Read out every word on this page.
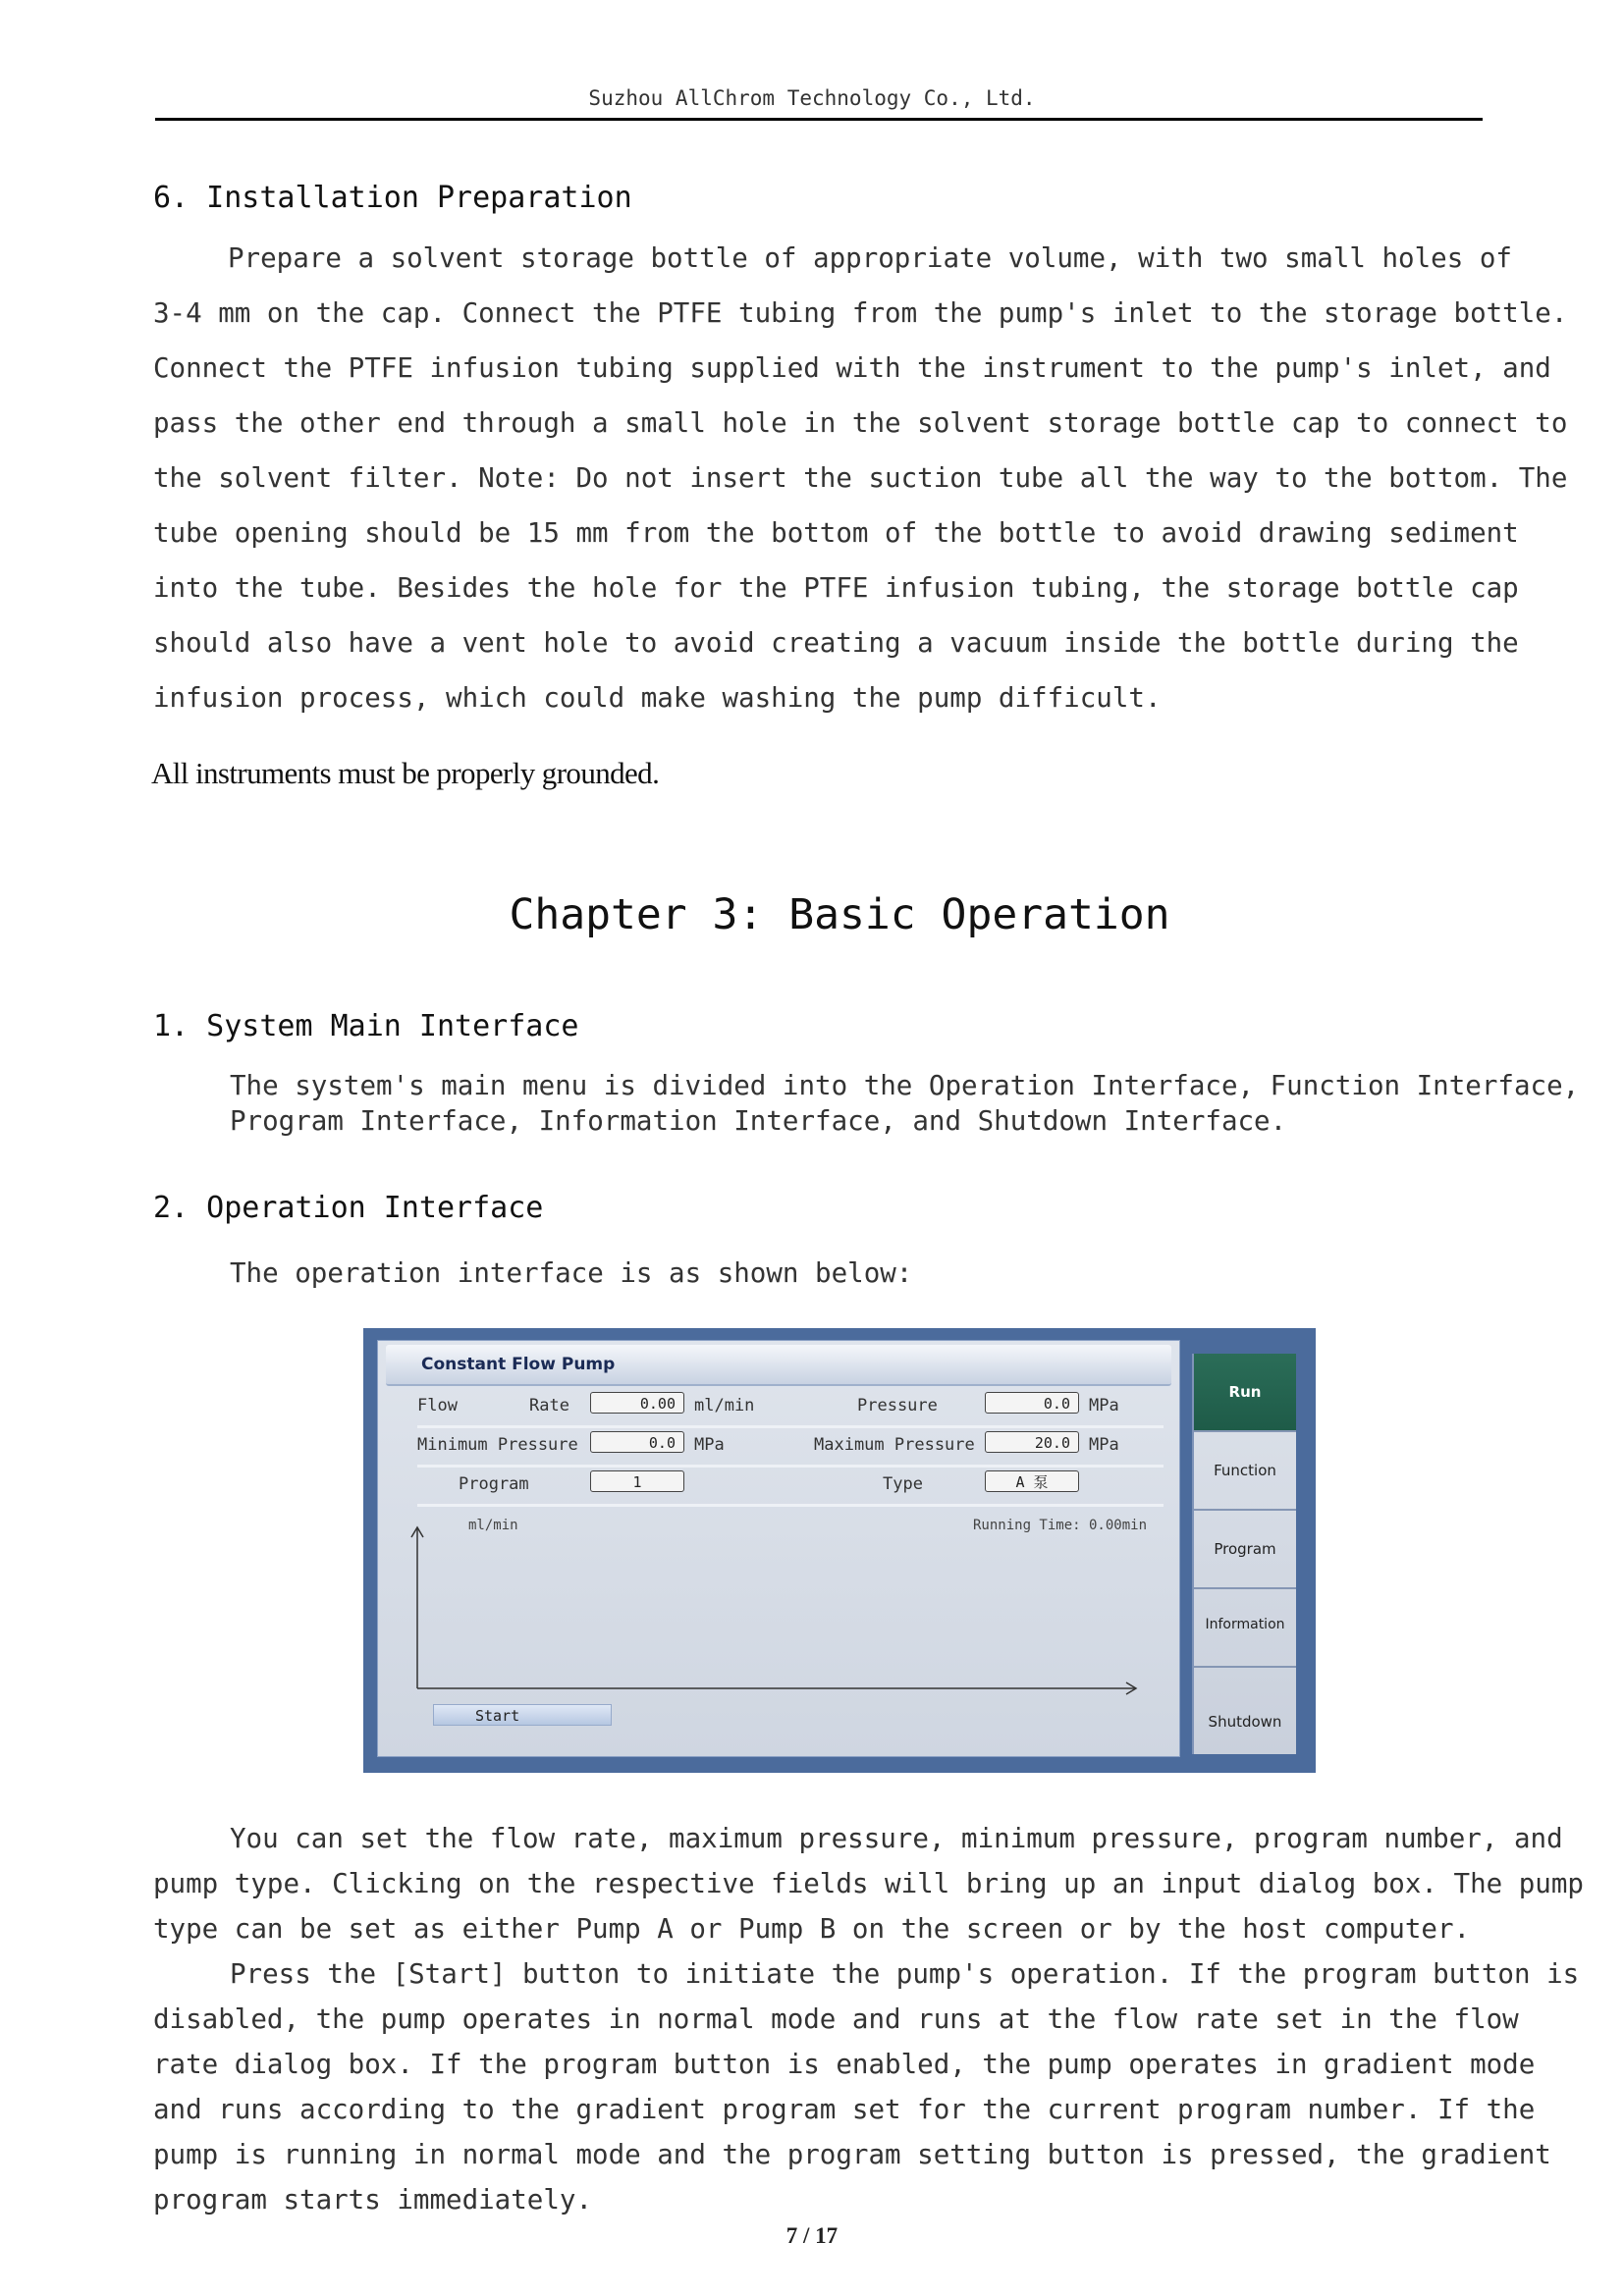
Suzhou AllChrom Technology Co., Ltd.
6. Installation Preparation
Prepare a solvent storage bottle of appropriate volume, with two small holes of
3-4 mm on the cap. Connect the PTFE tubing from the pump's inlet to the storage bottle.
Connect the PTFE infusion tubing supplied with the instrument to the pump's inlet, and
pass the other end through a small hole in the solvent storage bottle cap to connect to
the solvent filter. Note: Do not insert the suction tube all the way to the bottom. The
tube opening should be 15 mm from the bottom of the bottle to avoid drawing sediment
into the tube. Besides the hole for the PTFE infusion tubing, the storage bottle cap
should also have a vent hole to avoid creating a vacuum inside the bottle during the
infusion process, which could make washing the pump difficult.
All instruments must be properly grounded.
Chapter 3: Basic Operation
1. System Main Interface
The system's main menu is divided into the Operation Interface, Function Interface,
Program Interface, Information Interface, and Shutdown Interface.
2. Operation Interface
The operation interface is as shown below:
Constant Flow Pump
Flow	Rate	0.00	ml/min	Pressure	0.0	MPa
Minimum Pressure	0.0	MPa	Maximum Pressure	20.0	MPa
Program	1	Type	A 泵
ml/min	Running Time: 0.00min
Start
Run
Function
Program
Information
Shutdown
You can set the flow rate, maximum pressure, minimum pressure, program number, and
pump type. Clicking on the respective fields will bring up an input dialog box. The pump
type can be set as either Pump A or Pump B on the screen or by the host computer.
Press the [Start] button to initiate the pump's operation. If the program button is
disabled, the pump operates in normal mode and runs at the flow rate set in the flow
rate dialog box. If the program button is enabled, the pump operates in gradient mode
and runs according to the gradient program set for the current program number. If the
pump is running in normal mode and the program setting button is pressed, the gradient
program starts immediately.
7 / 17
